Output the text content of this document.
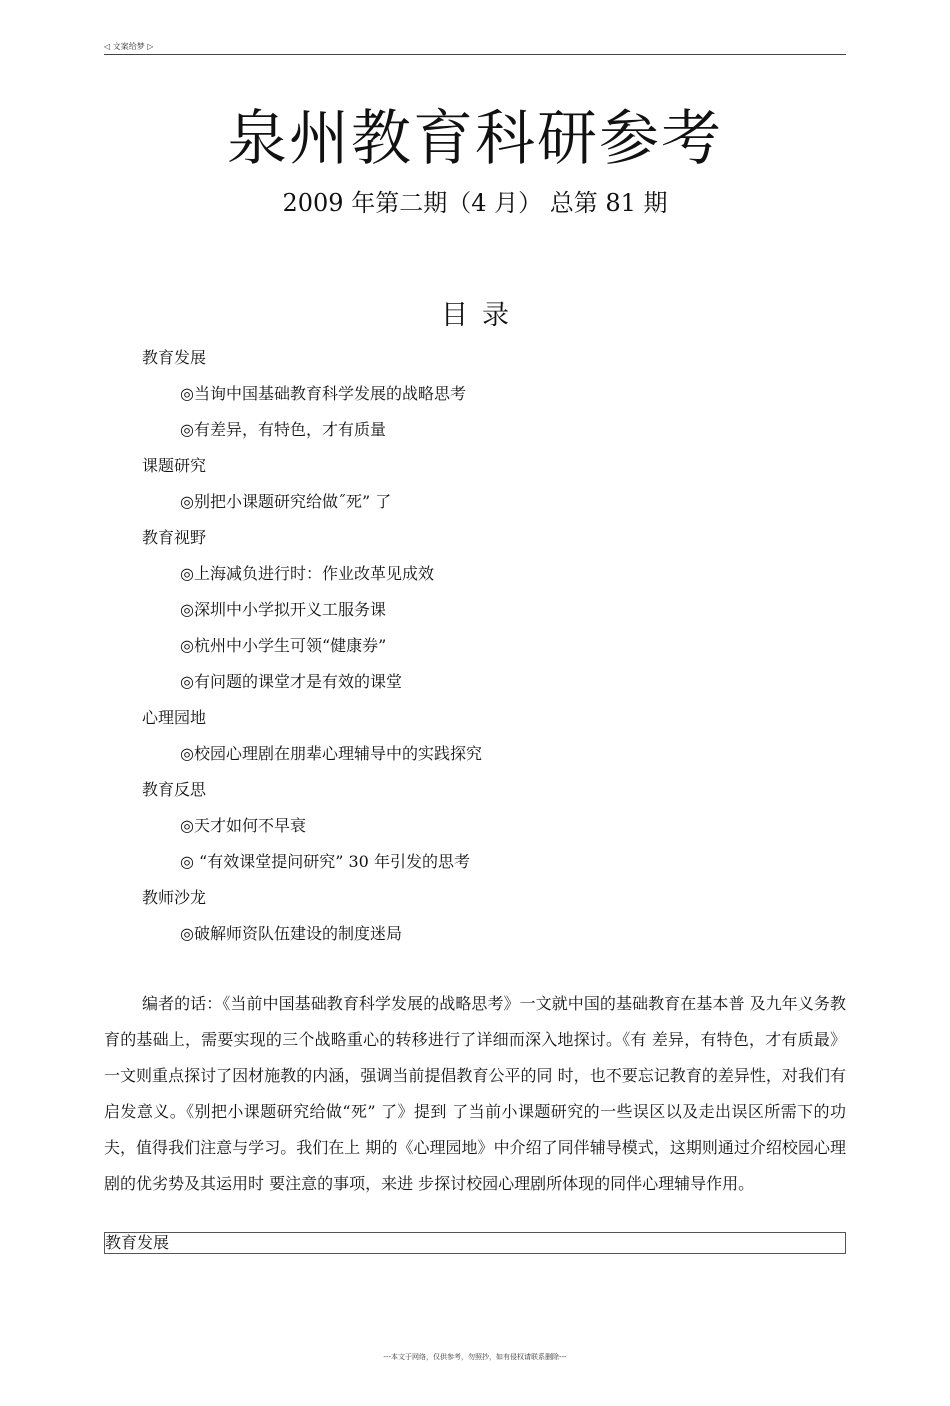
◁ 文案给梦 ▷
泉州教育科研参考
2009 年第二期（4 月） 总第 81 期
目录
教育发展
◎当询中国基础教育科学发展的战略思考
◎有差异，有特色，才有质量
课题研究
◎别把小课题研究给做˝死” 了
教育视野
◎上海减负进行时：作业改革见成效
◎深圳中小学拟开义工服务课
◎杭州中小学生可领“健康券”
◎有问题的课堂才是有效的课堂
心理园地
◎校园心理剧在朋辈心理辅导中的实践探究
教育反思
◎天才如何不早衰
◎ “有效课堂提问研究” 30 年引发的思考
教师沙龙
◎破解师资队伍建设的制度迷局

编者的话：《当前中国基础教育科学发展的战略思考》一文就中国的基础教育在基本普 及九年义务教育的基础上，需要实现的三个战略重心的转移进行了详细而深入地探讨。《有 差异，有特色，才有质最》一文则重点探讨了因材施教的内涵，强调当前提倡教育公平的同 时，也不要忘记教育的差异性，对我们有启发意义。《别把小课题研究给做“死” 了》提到 了当前小课题研究的一些误区以及走出误区所需下的功夫，值得我们注意与学习。我们在上 期的《心理园地》中介绍了同伴辅导模式，这期则通过介绍校园心理剧的优劣势及其运用时 要注意的事项，来进 步探讨校园心理剧所体现的同伴心理辅导作用。

教育发展
---本文于网络，仅供参考，勿照抄，如有侵权请联系删除---
